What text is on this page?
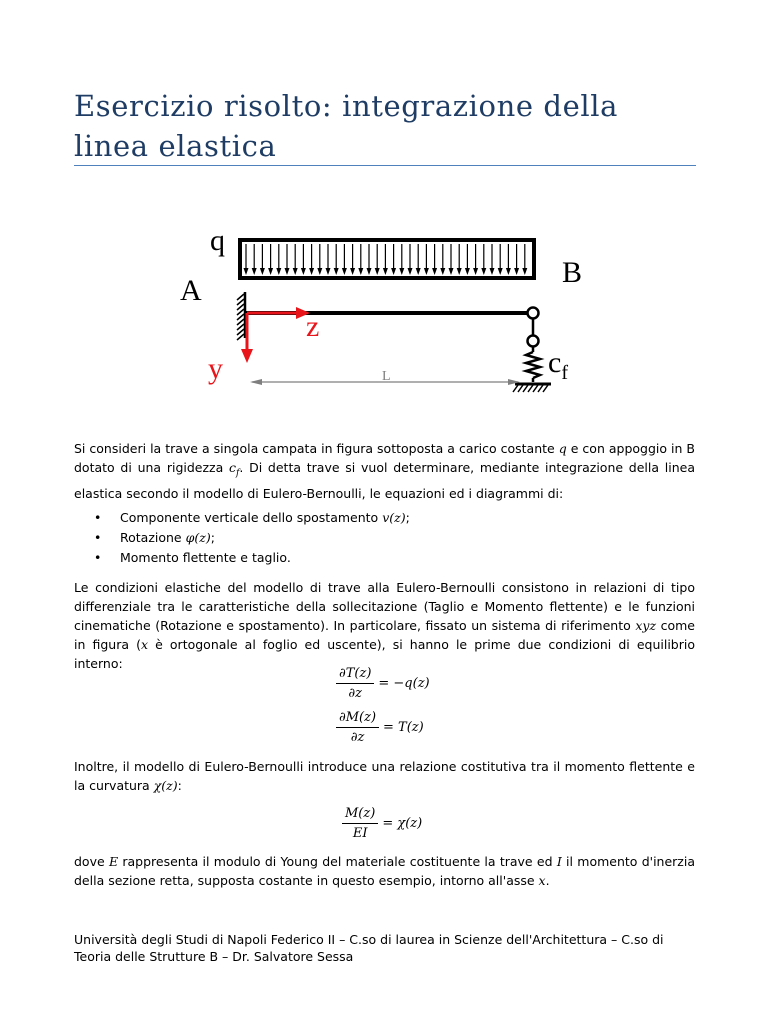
Esercizio risolto: integrazione della linea elastica
q
A
B
$c_f$
L
z
y
Si consideri la trave a singola campata in figura sottoposta a carico costante q e con appoggio in B dotato di una rigidezza $c_f$. Di detta trave si vuol determinare, mediante integrazione della linea elastica secondo il modello di Eulero-Bernoulli, le equazioni ed i diagrammi di:
• Componente verticale dello spostamento v(z);
• Rotazione φ(z);
• Momento flettente e taglio.
Le condizioni elastiche del modello di trave alla Eulero-Bernoulli consistono in relazioni di tipo differenziale tra le caratteristiche della sollecitazione (Taglio e Momento flettente) e le funzioni cinematiche (Rotazione e spostamento). In particolare, fissato un sistema di riferimento xyz come in figura (x è ortogonale al foglio ed uscente), si hanno le prime due condizioni di equilibrio interno:
$\frac{\partial T(z)}{\partial z} = -q(z)$
$\frac{\partial M(z)}{\partial z} = T(z)$
Inoltre, il modello di Eulero-Bernoulli introduce una relazione costitutiva tra il momento flettente e la curvatura χ(z):
$\frac{M(z)}{EI} = \chi(z)$
dove E rappresenta il modulo di Young del materiale costituente la trave ed I il momento d'inerzia della sezione retta, supposta costante in questo esempio, intorno all'asse x.
Università degli Studi di Napoli Federico II – C.so di laurea in Scienze dell'Architettura – C.so di Teoria delle Strutture B – Dr. Salvatore Sessa
